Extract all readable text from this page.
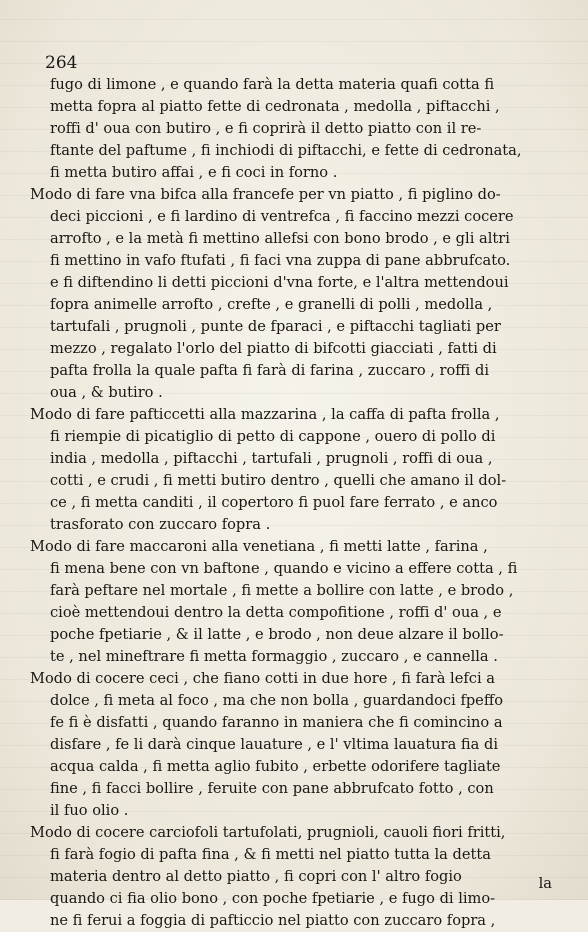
264
fugo di limone , e quando farà la detta materia quafi cotta fi
metta fopra al piatto fette di cedronata , medolla , piftacchi ,
roffi d' oua con butiro , e fi coprirà il detto piatto con il re-
ftante del paftume , fi inchiodi di piftacchi, e fette di cedronata,
fi metta butiro affai , e fi coci in forno .
Modo di fare vna bifca alla francefe per vn piatto , fi piglino do-
deci piccioni , e fi lardino di ventrefca , fi faccino mezzi cocere
arrofto , e la metà fi mettino allefsi con bono brodo , e gli altri
fi mettino in vafo ftufati , fi faci vna zuppa di pane abbrufcato.
e fi diftendino li detti piccioni d'vna forte, e l'altra mettendoui
fopra animelle arrofto , crefte , e granelli di polli , medolla ,
tartufali , prugnoli , punte de fparaci , e piftacchi tagliati per
mezzo , regalato l'orlo del piatto di bifcotti giacciati , fatti di
pafta frolla la quale pafta fi farà di farina , zuccaro , roffi di
oua , & butiro .
Modo di fare pafticcetti alla mazzarina , la caffa di pafta frolla ,
fi riempie di picatiglio di petto di cappone , ouero di pollo di
india , medolla , piftacchi , tartufali , prugnoli , roffi di oua ,
cotti , e crudi , fi metti butiro dentro , quelli che amano il dol-
ce , fi metta canditi , il copertoro fi puol fare ferrato , e anco
trasforato con zuccaro fopra .
Modo di fare maccaroni alla venetiana , fi metti latte , farina ,
fi mena bene con vn baftone , quando e vicino a effere cotta , fi
farà peftare nel mortale , fi mette a bollire con latte , e brodo ,
cioè mettendoui dentro la detta compofitione , roffi d' oua , e
poche fpetiarie , & il latte , e brodo , non deue alzare il bollo-
te , nel mineftrare fi metta formaggio , zuccaro , e cannella .
Modo di cocere ceci , che fiano cotti in due hore , fi farà lefci a
dolce , fi meta al foco , ma che non bolla , guardandoci fpeffo
fe fi è disfatti , quando faranno in maniera che fi comincino a
disfare , fe li darà cinque lauature , e l' vltima lauatura fia di
acqua calda , fi metta aglio fubito , erbette odorifere tagliate
fine , fi facci bollire , feruite con pane abbrufcato fotto , con
il fuo olio .
Modo di cocere carciofoli tartufolati, prugnioli, cauoli fiori fritti,
fi farà fogio di pafta fina , & fi metti nel piatto tutta la detta
materia dentro al detto piatto , fi copri con l' altro fogio
quando ci fia olio bono , con poche fpetiarie , e fugo di limo-
ne fi ferui a foggia di pafticcio nel piatto con zuccaro fopra ,
la
